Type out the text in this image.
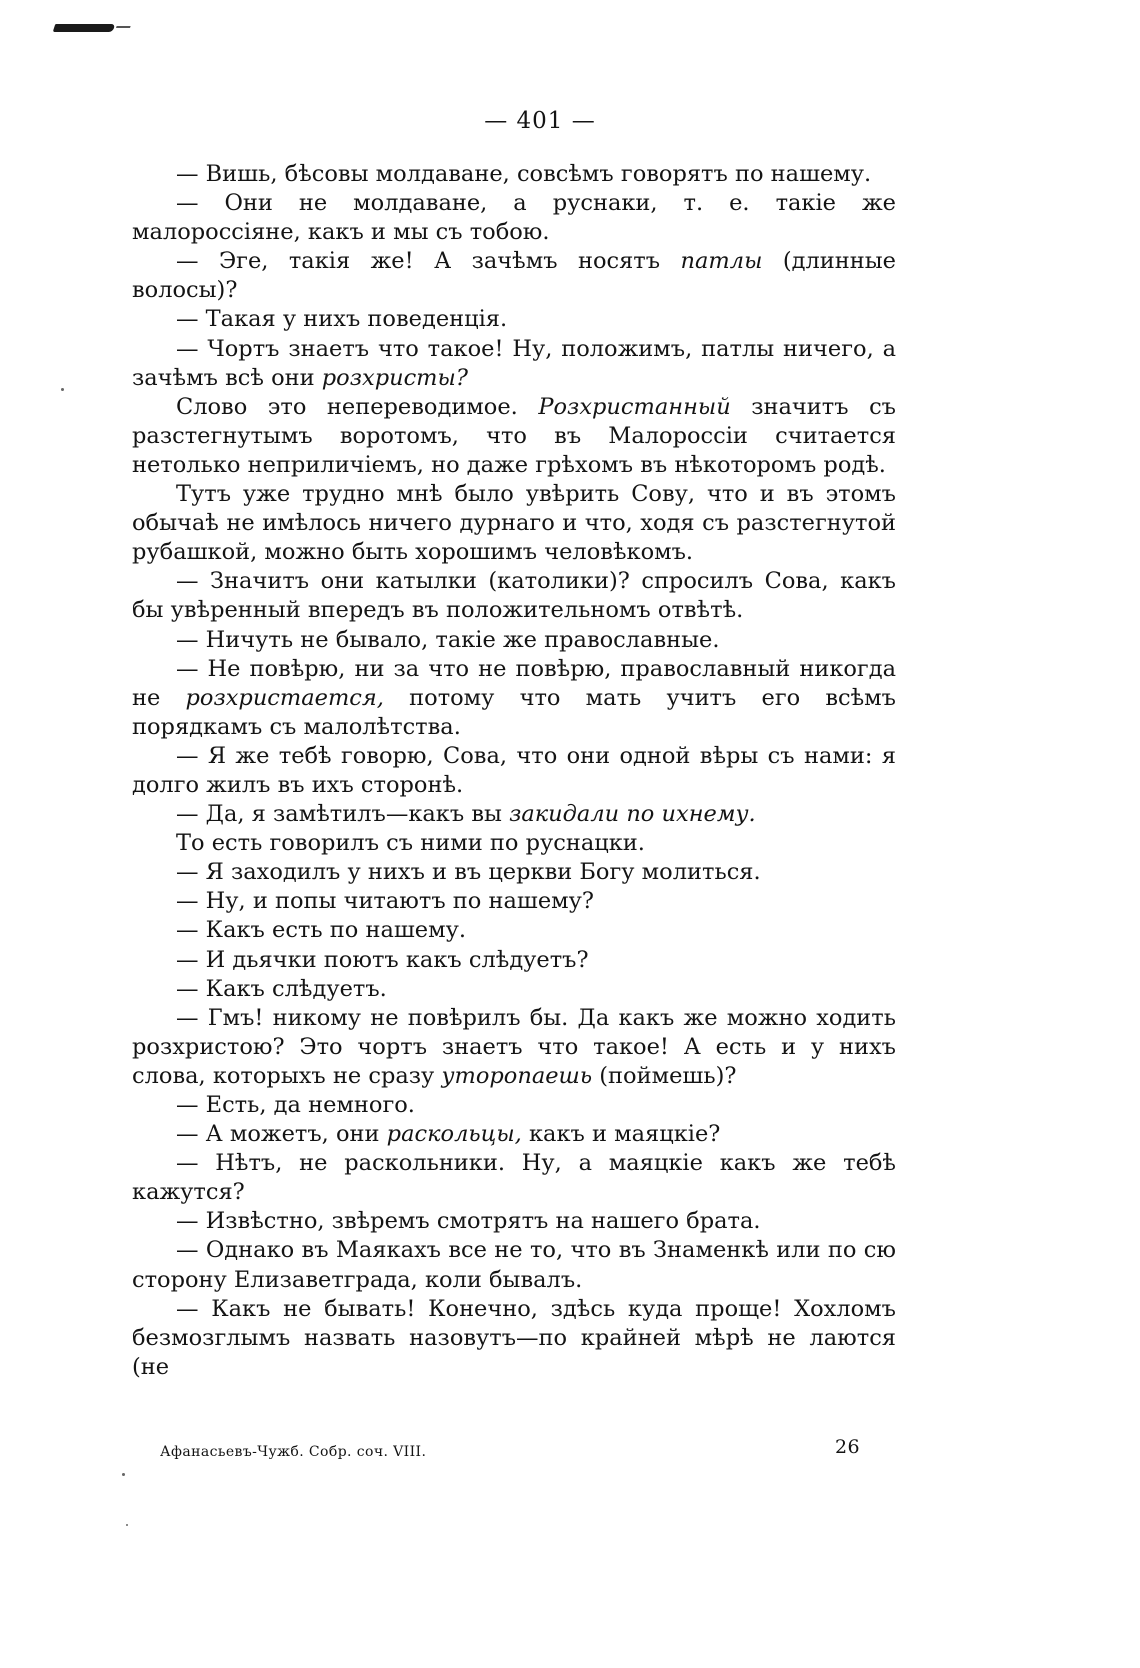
— 401 —

— Вишь, бѣсовы молдаване, совсѣмъ говорятъ по нашему.

— Они не молдаване, а руснаки, т. е. такіе же малороссіяне, какъ и мы съ тобою.

— Эге, такія же! А зачѣмъ носятъ патлы (длинные волосы)?

— Такая у нихъ поведенція.

— Чортъ знаетъ что такое! Ну, положимъ, патлы ничего, а зачѣмъ всѣ они розхристы?

Слово это непереводимое. Розхристанный значитъ съ разстегнутымъ воротомъ, что въ Малороссіи считается нетолько неприличіемъ, но даже грѣхомъ въ нѣкоторомъ родѣ.

Тутъ уже трудно мнѣ было увѣрить Сову, что и въ этомъ обычаѣ не имѣлось ничего дурнаго и что, ходя съ разстегнутой рубашкой, можно быть хорошимъ человѣкомъ.

— Значитъ они катылки (католики)? спросилъ Сова, какъ бы увѣренный впередъ въ положительномъ отвѣтѣ.

— Ничуть не бывало, такіе же православные.

— Не повѣрю, ни за что не повѣрю, православный никогда не розхристается, потому что мать учитъ его всѣмъ порядкамъ съ малолѣтства.

— Я же тебѣ говорю, Сова, что они одной вѣры съ нами: я долго жилъ въ ихъ сторонѣ.

— Да, я замѣтилъ—какъ вы закидали по ихнему.

То есть говорилъ съ ними по руснацки.

— Я заходилъ у нихъ и въ церкви Богу молиться.

— Ну, и попы читаютъ по нашему?

— Какъ есть по нашему.

— И дьячки поютъ какъ слѣдуетъ?

— Какъ слѣдуетъ.

— Гмъ! никому не повѣрилъ бы. Да какъ же можно ходить розхристою? Это чортъ знаетъ что такое! А есть и у нихъ слова, которыхъ не сразу утoропаешь (поймешь)?

— Есть, да немного.

— А можетъ, они раскольцы, какъ и маяцкіе?

— Нѣтъ, не раскольники. Ну, а маяцкіе какъ же тебѣ кажутся?

— Извѣстно, звѣремъ смотрятъ на нашего брата.

— Однако въ Маякахъ все не то, что въ Знаменкѣ или по сю сторону Елизаветграда, коли бывалъ.

— Какъ не бывать! Конечно, здѣсь куда проще! Хохломъ безмозглымъ назвать назовутъ—по крайней мѣрѣ не лаются (не

Афанасьевъ-Чужб. Собр. соч. VIII.	26
